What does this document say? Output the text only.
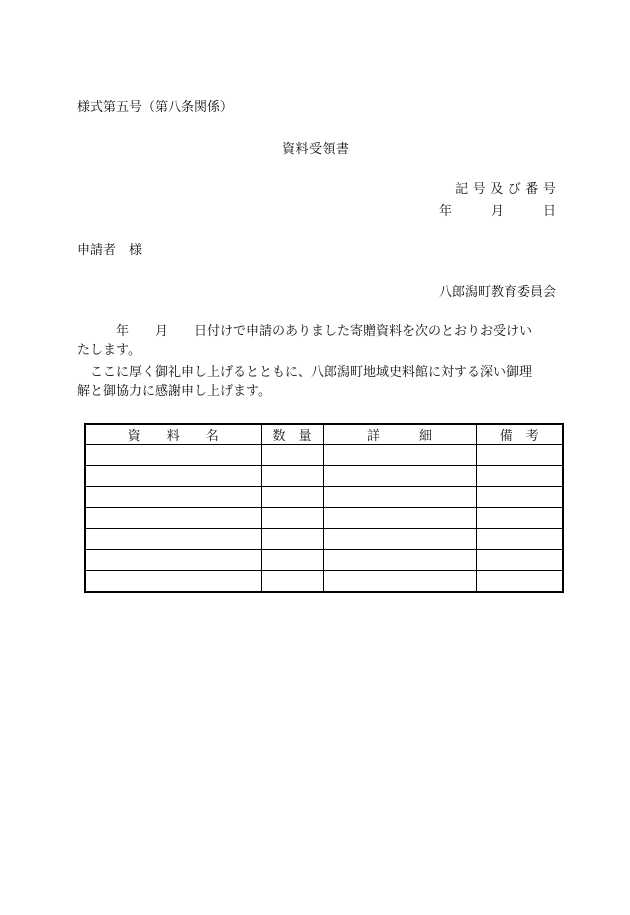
様式第五号（第八条関係）
資料受領書
記 号 及 び 番 号
年　　　月　　　日
申請者　様
八郎潟町教育委員会
　　　年　　月　　日付けで申請のありました寄贈資料を次のとおりお受けい
たします。
　ここに厚く御礼申し上げるとともに、八郎潟町地域史料館に対する深い御理
解と御協力に感謝申し上げます。
資　　料　　名	数　量	詳　　　細	備　考
